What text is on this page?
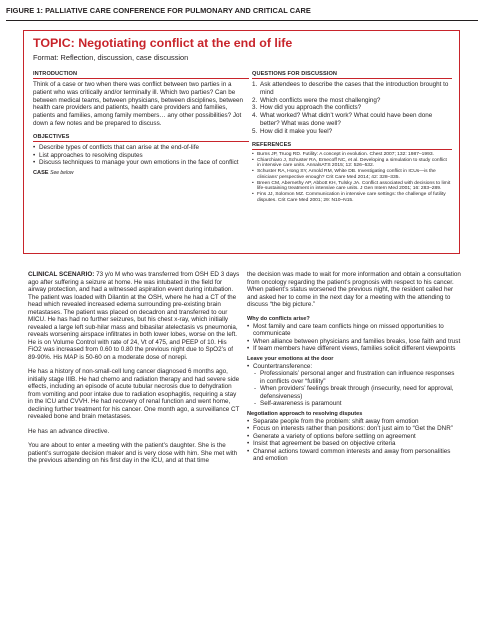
FIGURE 1: PALLIATIVE CARE CONFERENCE FOR PULMONARY AND CRITICAL CARE
TOPIC: Negotiating conflict at the end of life
Format: Reflection, discussion, case discussion
INTRODUCTION

Think of a case or two when there was conflict between two parties in a patient who was critically and/or terminally ill. Which two parties? Can be between medical teams, between physicians, between disciplines, between health care providers and patients, health care providers and families, patients and families, among family members… any other possibilities? Jot down a few notes and be prepared to discuss.

OBJECTIVES
• Describe types of conflicts that can arise at the end-of-life
• List approaches to resolving disputes
• Discuss techniques to manage your own emotions in the face of conflict
CASE See below
QUESTIONS FOR DISCUSSION
1. Ask attendees to describe the cases that the introduction brought to mind
2. Which conflicts were the most challenging?
3. How did you approach the conflicts?
4. What worked? What didn’t work? What could have been done better? What was done well?
5. How did it make you feel?
REFERENCES
• Burns JP, Truog RD. Futility: A concept in evolution. Chest 2007; 132: 1987–1993.
• Chiarchiaro J, Schuster RA, Ernecoff NC, et al. Developing a simulation to study conflict in intensive care units. AnnalsATS 2015; 12: 526–532.
• Schuster RA, Hong SY, Arnold RM, White DB. Investigating conflict in ICUs—is the clinicians’ perspective enough? Crit Care Med 2014; 42: 328–335.
• Breen CM, Abernethy AP, Abbott KH, Tulsky JA. Conflict associated with decisions to limit life-sustaining treatment in intensive care units. J Gen Intern Med 2001; 16: 283–289.
• Fins JJ, Solomon MZ. Communication in intensive care settings: the challenge of futility disputes. Crit Care Med 2001; 29: N10–N15.

CLINICAL SCENARIO: 73 y/o M who was transferred from OSH ED 3 days ago after suffering a seizure at home. He was intubated in the field for airway protection, and had a witnessed aspiration event during intubation. The patient was loaded with Dilantin at the OSH, where he had a CT of the head which revealed increased edema surrounding pre-existing brain metastases. The patient was placed on decadron and transferred to our MICU. He has had no further seizures, but his chest x-ray, which initially revealed a large left sub-hilar mass and bibasilar atelectasis vs pneumonia, reveals worsening airspace infiltrates in both lower lobes, worse on the left. He is on Volume Control with rate of 24, Vt of 475, and PEEP of 10. His FiO2 was increased from 0.60 to 0.80 the previous night due to SpO2’s of 89-90%. His MAP is 50-60 on a moderate dose of norepi.

He has a history of non-small-cell lung cancer diagnosed 6 months ago, initially stage IIIB. He had chemo and radiation therapy and had severe side effects, including an episode of acute tubular necrosis due to dehydration from vomiting and poor intake due to radiation esophagitis, requiring a stay in the ICU and CVVH. He had recovery of renal function and went home, declining further treatment for his cancer. One month ago, a surveillance CT revealed bone and brain metastases.

He has an advance directive.

You are about to enter a meeting with the patient’s daughter. She is the patient’s surrogate decision maker and is very close with him. She met with the previous attending on his first day in the ICU, and at that time

the decision was made to wait for more information and obtain a consultation from oncology regarding the patient’s prognosis with respect to his cancer. When patient’s status worsened the previous night, the resident called her and asked her to come in the next day for a meeting with the attending to discuss “the big picture.”

Why do conflicts arise?
• Most family and care team conflicts hinge on missed opportunities to communicate
• When alliance between physicians and families breaks, lose faith and trust
• If team members have different views, families solicit different viewpoints
Leave your emotions at the door
• Countertransference:
- Professionals’ personal anger and frustration can influence responses in conflicts over “futility”
- When providers’ feelings break through (insecurity, need for approval, defensiveness)
- Self-awareness is paramount
Negotiation approach to resolving disputes
• Separate people from the problem: shift away from emotion
• Focus on interests rather than positions: don’t just aim to “Get the DNR”
• Generate a variety of options before settling on agreement
• Insist that agreement be based on objective criteria
• Channel actions toward common interests and away from personalities and emotion
